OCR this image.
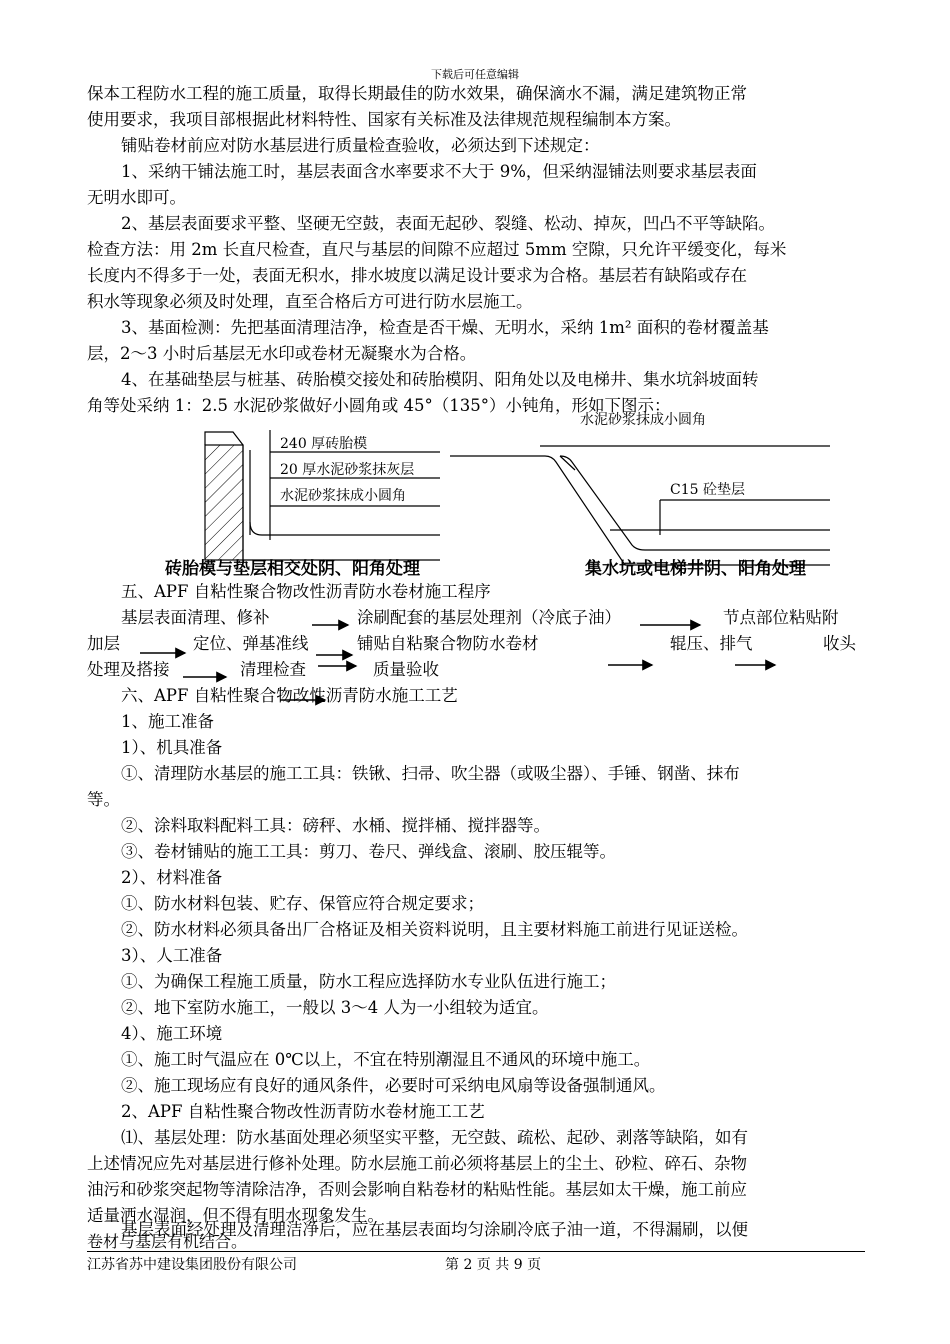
下载后可任意编辑
保本工程防水工程的施工质量，取得长期最佳的防水效果，确保滴水不漏，满足建筑物正常
使用要求，我项目部根据此材料特性、国家有关标准及法律规范规程编制本方案。
铺贴卷材前应对防水基层进行质量检查验收，必须达到下述规定：
1、采纳干铺法施工时，基层表面含水率要求不大于 9%，但采纳湿铺法则要求基层表面
无明水即可。
2、基层表面要求平整、坚硬无空鼓，表面无起砂、裂缝、松动、掉灰，凹凸不平等缺陷。
检查方法：用 2m 长直尺检查，直尺与基层的间隙不应超过 5mm 空隙，只允许平缓变化，每米
长度内不得多于一处，表面无积水，排水坡度以满足设计要求为合格。基层若有缺陷或存在
积水等现象必须及时处理，直至合格后方可进行防水层施工。
3、基面检测：先把基面清理洁净，检查是否干燥、无明水，采纳 1m² 面积的卷材覆盖基
层，2～3 小时后基层无水印或卷材无凝聚水为合格。
4、在基础垫层与桩基、砖胎模交接处和砖胎模阴、阳角处以及电梯井、集水坑斜坡面转
角等处采纳 1：2.5 水泥砂浆做好小圆角或 45°（135°）小钝角，形如下图示：
240 厚砖胎模
20 厚水泥砂浆抹灰层
水泥砂浆抹成小圆角
砖胎模与垫层相交处阴、阳角处理
水泥砂浆抹成小圆角
C15 砼垫层
集水坑或电梯井阴、阳角处理
五、APF 自粘性聚合物改性沥青防水卷材施工程序
基层表面清理、修补	涂刷配套的基层处理剂（冷底子油）	节点部位粘贴附
加层	定位、弹基准线	铺贴自粘聚合物防水卷材	辊压、排气	收头
处理及搭接	清理检查	质量验收
六、APF 自粘性聚合物改性沥青防水施工工艺
1、施工准备
1）、机具准备
①、清理防水基层的施工工具：铁锹、扫帚、吹尘器（或吸尘器）、手锤、钢凿、抹布
等。
②、涂料取料配料工具：磅秤、水桶、搅拌桶、搅拌器等。
③、卷材铺贴的施工工具：剪刀、卷尺、弹线盒、滚刷、胶压辊等。
2）、材料准备
①、防水材料包装、贮存、保管应符合规定要求；
②、防水材料必须具备出厂合格证及相关资料说明，且主要材料施工前进行见证送检。
3）、人工准备
①、为确保工程施工质量，防水工程应选择防水专业队伍进行施工；
②、地下室防水施工，一般以 3～4 人为一小组较为适宜。
4）、施工环境
①、施工时气温应在 0℃以上，不宜在特别潮湿且不通风的环境中施工。
②、施工现场应有良好的通风条件，必要时可采纳电风扇等设备强制通风。
2、APF 自粘性聚合物改性沥青防水卷材施工工艺
⑴、基层处理：防水基面处理必须坚实平整，无空鼓、疏松、起砂、剥落等缺陷，如有
上述情况应先对基层进行修补处理。防水层施工前必须将基层上的尘土、砂粒、碎石、杂物
油污和砂浆突起物等清除洁净，否则会影响自粘卷材的粘贴性能。基层如太干燥，施工前应
适量洒水湿润，但不得有明水现象发生。
基层表面经处理及清理洁净后，应在基层表面均匀涂刷冷底子油一道，不得漏刷，以便
卷材与基层有机结合。
江苏省苏中建设集团股份有限公司	第 2 页 共 9 页
